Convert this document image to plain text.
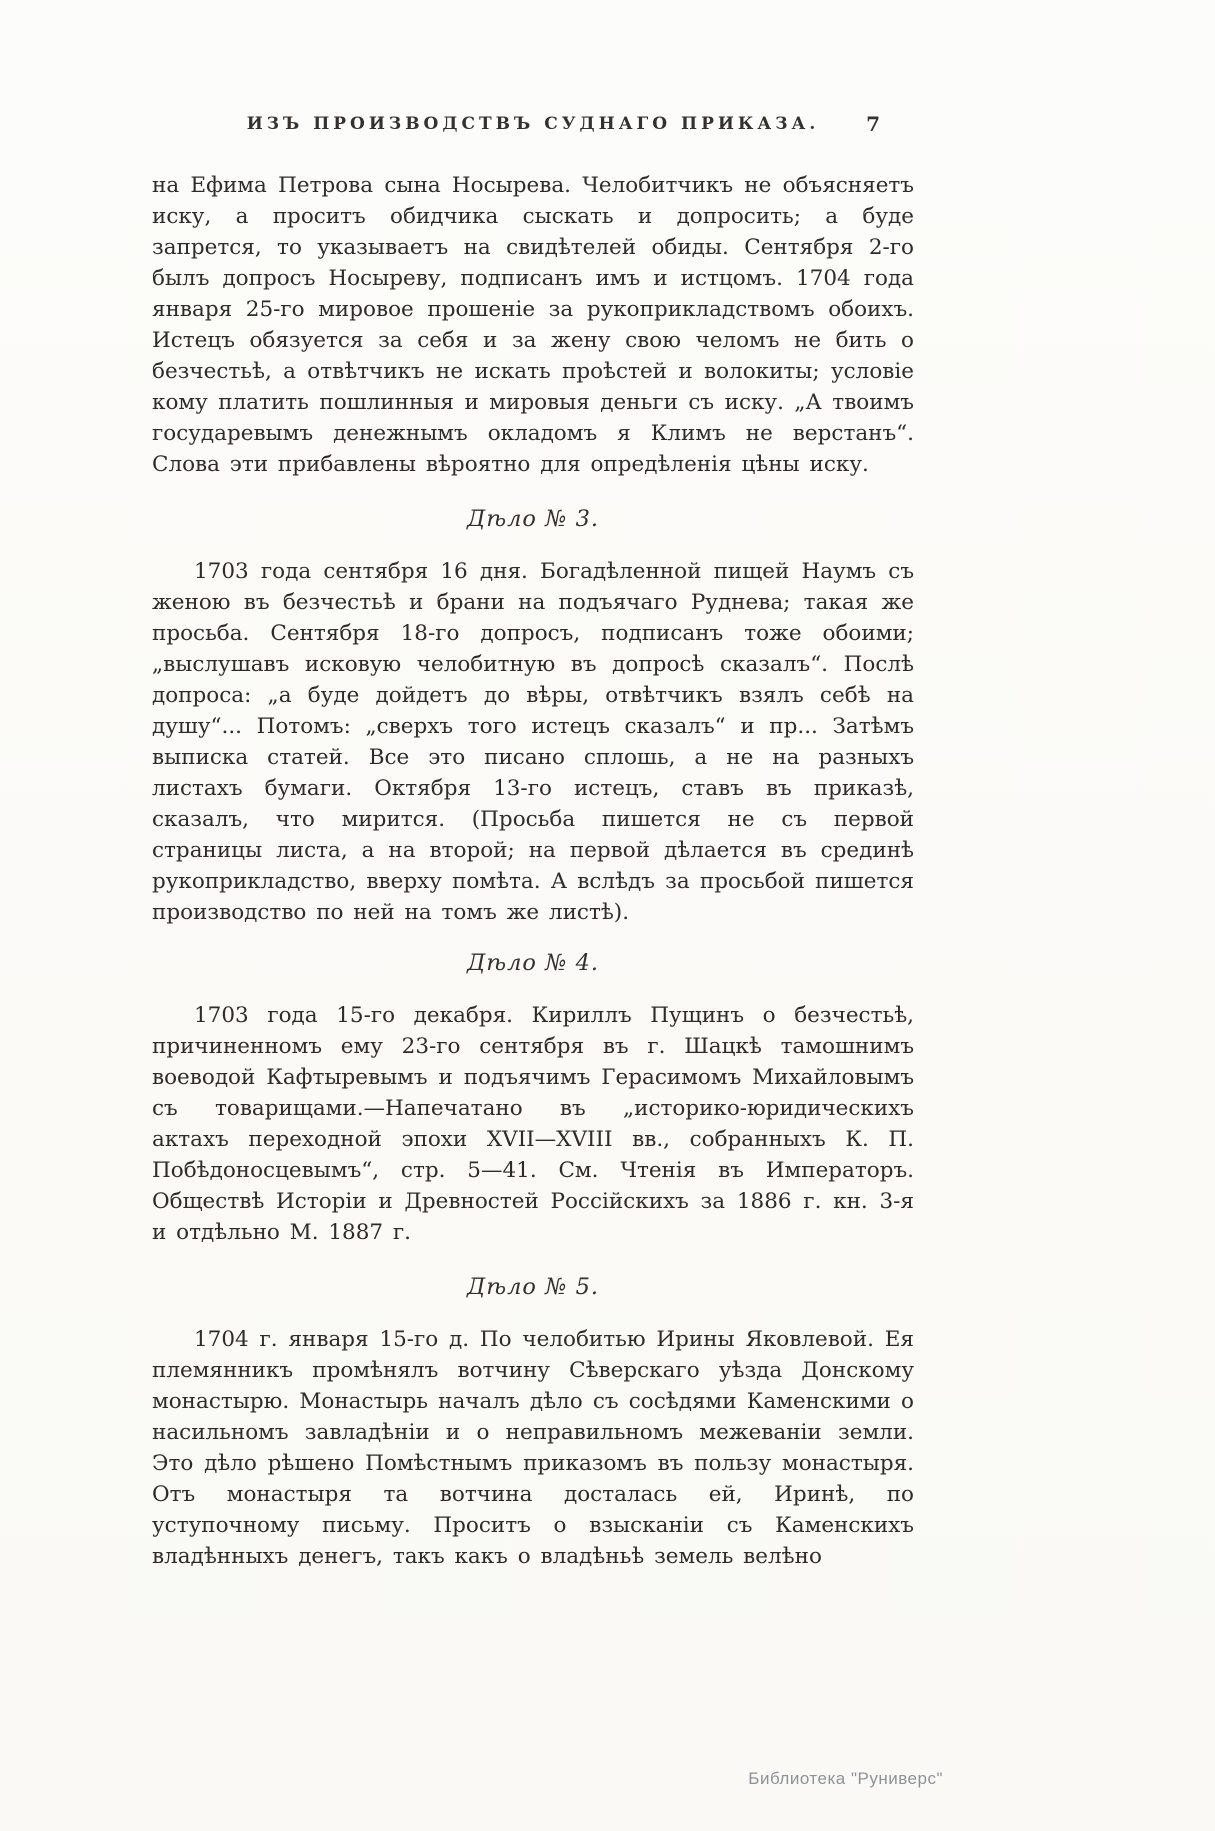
ИЗЪ ПРОИЗВОДСТВЪ СУДНАГО ПРИКАЗА.	7

на Ефима Петрова сына Носырева. Челобитчикъ не объясняетъ иску, а проситъ обидчика сыскать и допросить; а буде запрется, то указываетъ на свидѣтелей обиды. Сентября 2-го былъ допросъ Носыреву, подписанъ имъ и истцомъ. 1704 года января 25-го мировое прошеніе за рукоприкладствомъ обоихъ. Истецъ обязуется за себя и за жену свою челомъ не бить о безчестьѣ, а отвѣтчикъ не искать проѣстей и волокиты; условіе кому платить пошлинныя и мировыя деньги съ иску. „А твоимъ государевымъ денежнымъ окладомъ я Климъ не верстанъ“. Слова эти прибавлены вѣроятно для опредѣленія цѣны иску.

Дѣло № 3.

1703 года сентября 16 дня. Богадѣленной пищей Наумъ съ женою въ безчестьѣ и брани на подъячаго Руднева; такая же просьба. Сентября 18-го допросъ, подписанъ тоже обоими; „выслушавъ исковую челобитную въ допросѣ сказалъ“. Послѣ допроса: „а буде дойдетъ до вѣры, отвѣтчикъ взялъ себѣ на душу“... Потомъ: „сверхъ того истецъ сказалъ“ и пр... Затѣмъ выписка статей. Все это писано сплошь, а не на разныхъ листахъ бумаги. Октября 13-го истецъ, ставъ въ приказѣ, сказалъ, что мирится. (Просьба пишется не съ первой страницы листа, а на второй; на первой дѣлается въ срединѣ рукоприкладство, вверху помѣта. А вслѣдъ за просьбой пишется производство по ней на томъ же листѣ).

Дѣло № 4.

1703 года 15-го декабря. Кириллъ Пущинъ о безчестьѣ, причиненномъ ему 23-го сентября въ г. Шацкѣ тамошнимъ воеводой Кафтыревымъ и подъячимъ Герасимомъ Михайловымъ съ товарищами.—Напечатано въ „историко-юридическихъ актахъ переходной эпохи XVII—XVIII вв., собранныхъ К. П. Побѣдоносцевымъ“, стр. 5—41. См. Чтенія въ Императоръ. Обществѣ Исторіи и Древностей Россійскихъ за 1886 г. кн. 3-я и отдѣльно М. 1887 г.

Дѣло № 5.

1704 г. января 15-го д. По челобитью Ирины Яковлевой. Ея племянникъ промѣнялъ вотчину Сѣверскаго уѣзда Донскому монастырю. Монастырь началъ дѣло съ сосѣдями Каменскими о насильномъ завладѣніи и о неправильномъ межеваніи земли. Это дѣло рѣшено Помѣстнымъ приказомъ въ пользу монастыря. Отъ монастыря та вотчина досталась ей, Иринѣ, по уступочному письму. Проситъ о взысканіи съ Каменскихъ владѣнныхъ денегъ, такъ какъ о владѣньѣ земель велѣно

Библиотека "Руниверс"
